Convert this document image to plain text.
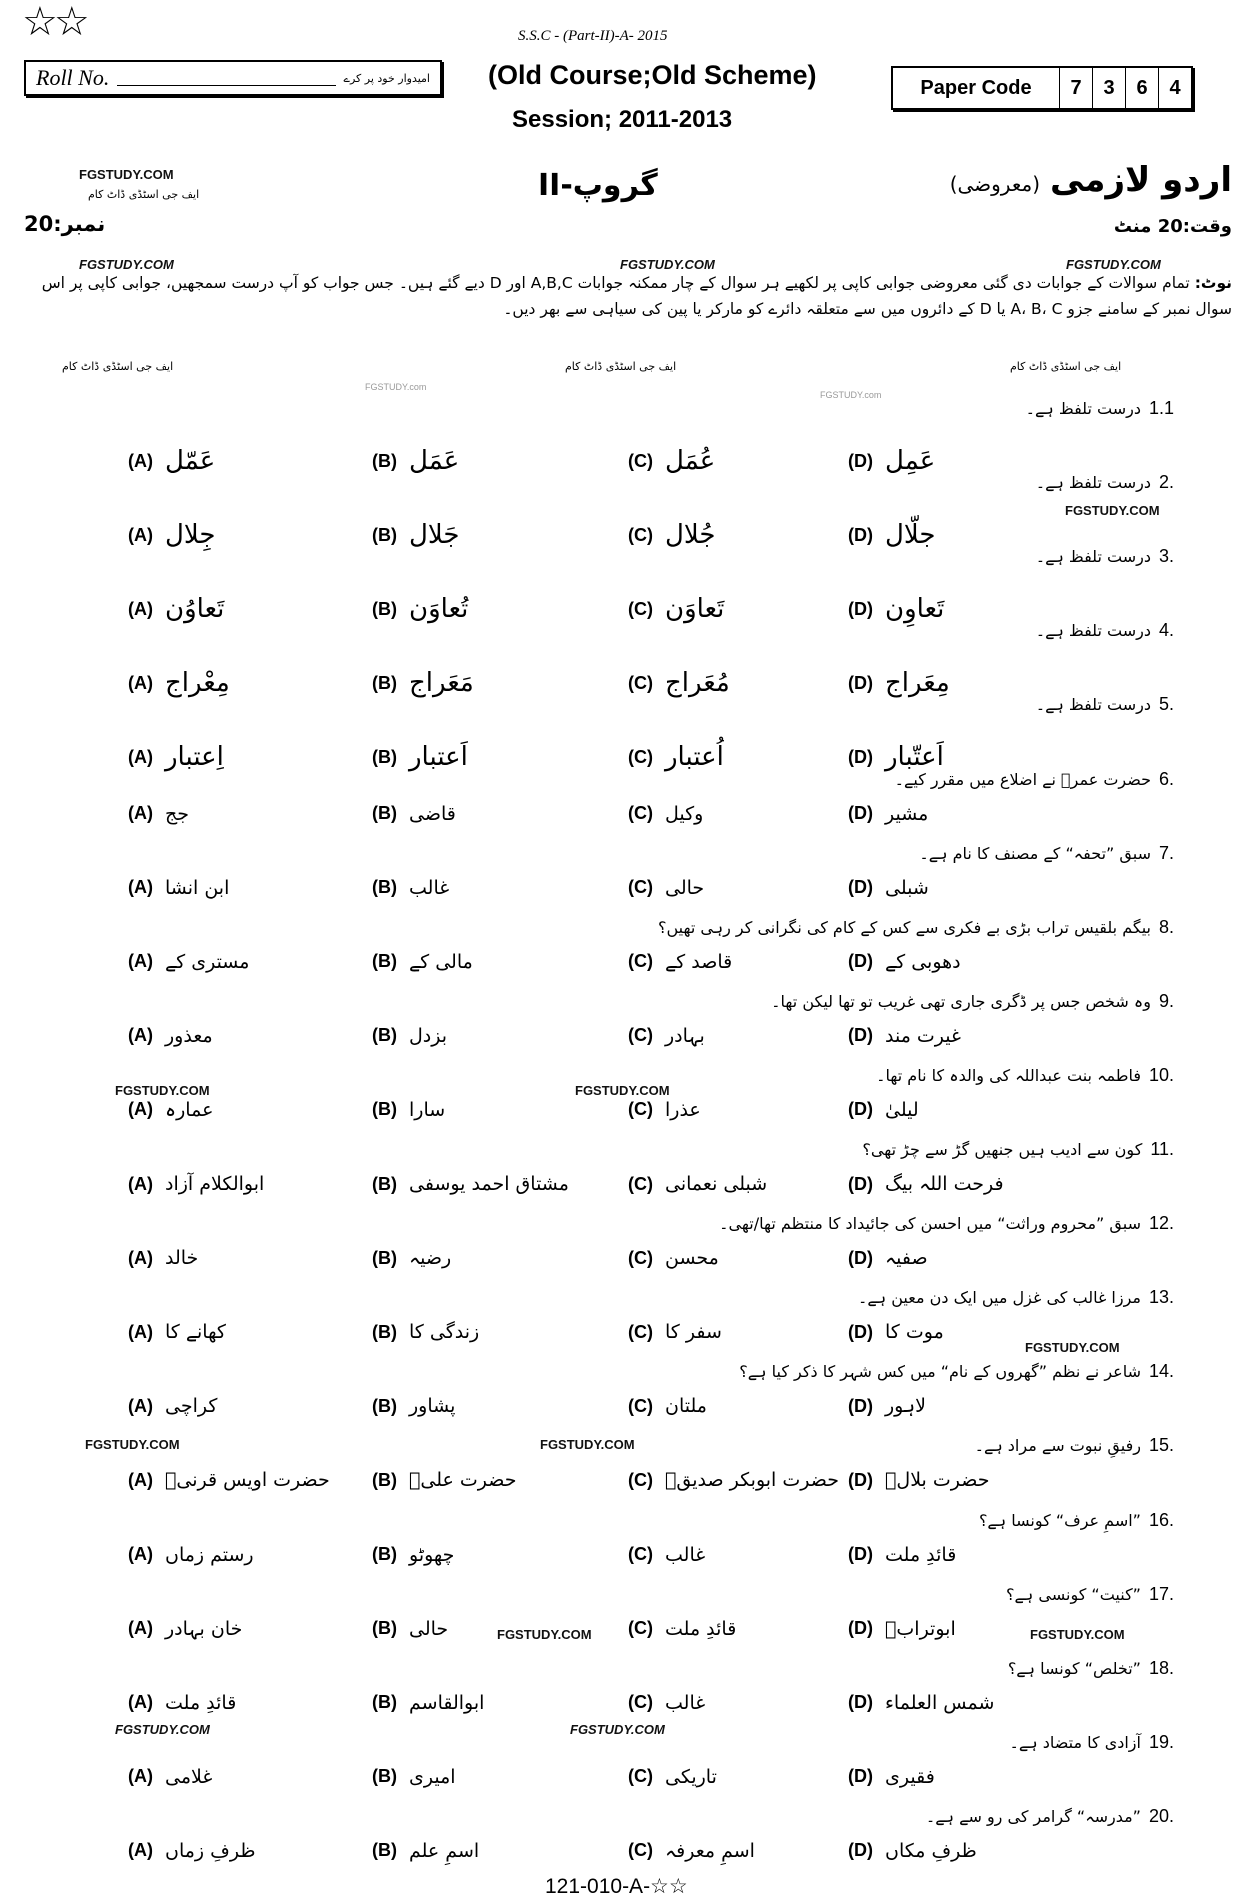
☆☆	S.S.C - (Part-II)-A- 2015
Roll No.	امیدوار خود پر کرے (Old Course;Old Scheme)
Session; 2011-2013
Paper Code	7	3	6	4
FGSTUDY.COM
ایف جی اسٹڈی ڈاٹ کام	گروپ-II	اردو لازمی
(معروضی)
نمبر:20	وقت:20 منٹ
FGSTUDY.COM	FGSTUDY.COM	FGSTUDY.COM
نوٹ: تمام سوالات کے جوابات دی گئی معروضی جوابی کاپی پر لکھیے ہر سوال کے چار ممکنہ جوابات A,B,C اور D دیے گئے ہیں۔ جس جواب کو آپ درست سمجھیں، جوابی کاپی پر اس سوال نمبر کے سامنے جزو A، B، C یا D کے دائروں میں سے متعلقہ دائرے کو مارکر یا پین کی سیاہی سے بھر دیں۔
ایف جی اسٹڈی ڈاٹ کام	ایف جی اسٹڈی ڈاٹ کام	ایف جی اسٹڈی ڈاٹ کام
FGSTUDY.com
FGSTUDY.com
FGSTUDY.COM
FGSTUDY.COM	FGSTUDY.COM
FGSTUDY.COM
FGSTUDY.COM	FGSTUDY.COM
FGSTUDY.COM	FGSTUDY.COM
FGSTUDY.COM	FGSTUDY.COM
درست تلفظ ہے۔ 1.1
(A) عَمّل	(B) عَمَل	(C) عُمَل	(D) عَمِل
درست تلفظ ہے۔ 2.
(A) جِلال	(B) جَلال	(C) جُلال	(D) جلّال
درست تلفظ ہے۔ 3.
(A) تَعاوُن	(B) تُعاوَن	(C) تَعاوَن	(D) تَعاوِن
درست تلفظ ہے۔ 4.
(A) مِعْراج	(B) مَعَراج	(C) مُعَراج	(D) مِعَراج
درست تلفظ ہے۔ 5.
(A) اِعتبار	(B) اَعتبار	(C) اُعتبار	(D) اَعتّبار
حضرت عمرؓ نے اضلاع میں مقرر کیے۔ 6.
(A) جج	(B) قاضی	(C) وکیل	(D) مشیر
سبق ”تحفہ“ کے مصنف کا نام ہے۔ 7.
(A) ابن انشا	(B) غالب	(C) حالی	(D) شبلی
بیگم بلقیس تراب بڑی بے فکری سے کس کے کام کی نگرانی کر رہی تھیں؟ 8.
(A) مستری کے	(B) مالی کے	(C) قاصد کے	(D) دھوبی کے
وہ شخص جس پر ڈگری جاری تھی غریب تو تھا لیکن تھا۔ 9.
(A) معذور	(B) بزدل	(C) بہادر	(D) غیرت مند
فاطمہ بنت عبداللہ کی والدہ کا نام تھا۔ 10.
(A) عمارہ	(B) سارا	(C) عذرا	(D) لیلیٰ
کون سے ادیب ہیں جنھیں گڑ سے چڑ تھی؟ 11.
(A) ابوالکلام آزاد	(B) مشتاق احمد یوسفی	(C) شبلی نعمانی	(D) فرحت اللہ بیگ
سبق ”محروم وراثت“ میں احسن کی جائیداد کا منتظم تھا/تھی۔ 12.
(A) خالد	(B) رضیہ	(C) محسن	(D) صفیہ
مرزا غالب کی غزل میں ایک دن معین ہے۔ 13.
(A) کھانے کا	(B) زندگی کا	(C) سفر کا	(D) موت کا
شاعر نے نظم ”گھروں کے نام“ میں کس شہر کا ذکر کیا ہے؟ 14.
(A) کراچی	(B) پشاور	(C) ملتان	(D) لاہور
رفیقِ نبوت سے مراد ہے۔ 15.
(A) حضرت اویس قرنیؓ (B) حضرت علیؓ	(C) حضرت ابوبکر صدیقؓ (D) حضرت بلالؓ
”اسمِ عرف“ کونسا ہے؟ 16.
(A) رستم زماں	(B) چھوٹو	(C) غالب	(D) قائدِ ملت
”کنیت“ کونسی ہے؟ 17.
(A) خان بہادر	(B) حالی	(C) قائدِ ملت	(D) ابوترابؓ
”تخلص“ کونسا ہے؟ 18.
(A) قائدِ ملت	(B) ابوالقاسم	(C) غالب	(D) شمس العلماء
آزادی کا متضاد ہے۔ 19.
(A) غلامی	(B) امیری	(C) تاریکی	(D) فقیری
”مدرسہ“ گرامر کی رو سے ہے۔ 20.
(A) ظرفِ زماں	(B) اسمِ علم	(C) اسمِ معرفہ	(D) ظرفِ مکاں
121-010-A-☆☆
